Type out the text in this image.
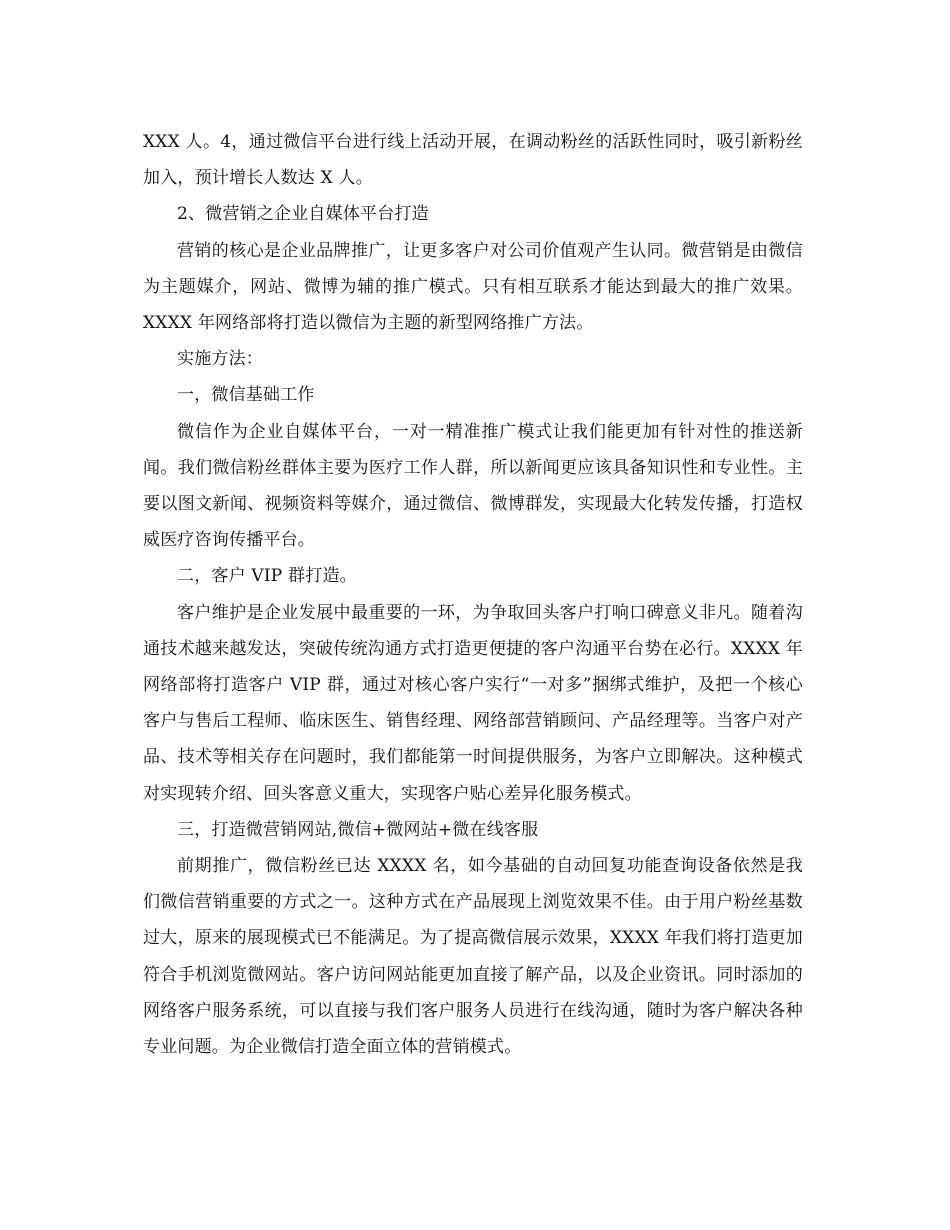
XXX 人。4，通过微信平台进行线上活动开展，在调动粉丝的活跃性同时，吸引新粉丝加入，预计增长人数达 X 人。

2、微营销之企业自媒体平台打造

营销的核心是企业品牌推广，让更多客户对公司价值观产生认同。微营销是由微信为主题媒介，网站、微博为辅的推广模式。只有相互联系才能达到最大的推广效果。XXXX 年网络部将打造以微信为主题的新型网络推广方法。

实施方法：

一，微信基础工作

微信作为企业自媒体平台，一对一精准推广模式让我们能更加有针对性的推送新闻。我们微信粉丝群体主要为医疗工作人群，所以新闻更应该具备知识性和专业性。主要以图文新闻、视频资料等媒介，通过微信、微博群发，实现最大化转发传播，打造权威医疗咨询传播平台。

二，客户 VIP 群打造。

客户维护是企业发展中最重要的一环，为争取回头客户打响口碑意义非凡。随着沟通技术越来越发达，突破传统沟通方式打造更便捷的客户沟通平台势在必行。XXXX 年网络部将打造客户 VIP 群，通过对核心客户实行“一对多”捆绑式维护，及把一个核心客户与售后工程师、临床医生、销售经理、网络部营销顾问、产品经理等。当客户对产品、技术等相关存在问题时，我们都能第一时间提供服务，为客户立即解决。这种模式对实现转介绍、回头客意义重大，实现客户贴心差异化服务模式。

三，打造微营销网站,微信+微网站+微在线客服

前期推广，微信粉丝已达 XXXX 名，如今基础的自动回复功能查询设备依然是我们微信营销重要的方式之一。这种方式在产品展现上浏览效果不佳。由于用户粉丝基数过大，原来的展现模式已不能满足。为了提高微信展示效果，XXXX 年我们将打造更加符合手机浏览微网站。客户访问网站能更加直接了解产品，以及企业资讯。同时添加的网络客户服务系统，可以直接与我们客户服务人员进行在线沟通，随时为客户解决各种专业问题。为企业微信打造全面立体的营销模式。
